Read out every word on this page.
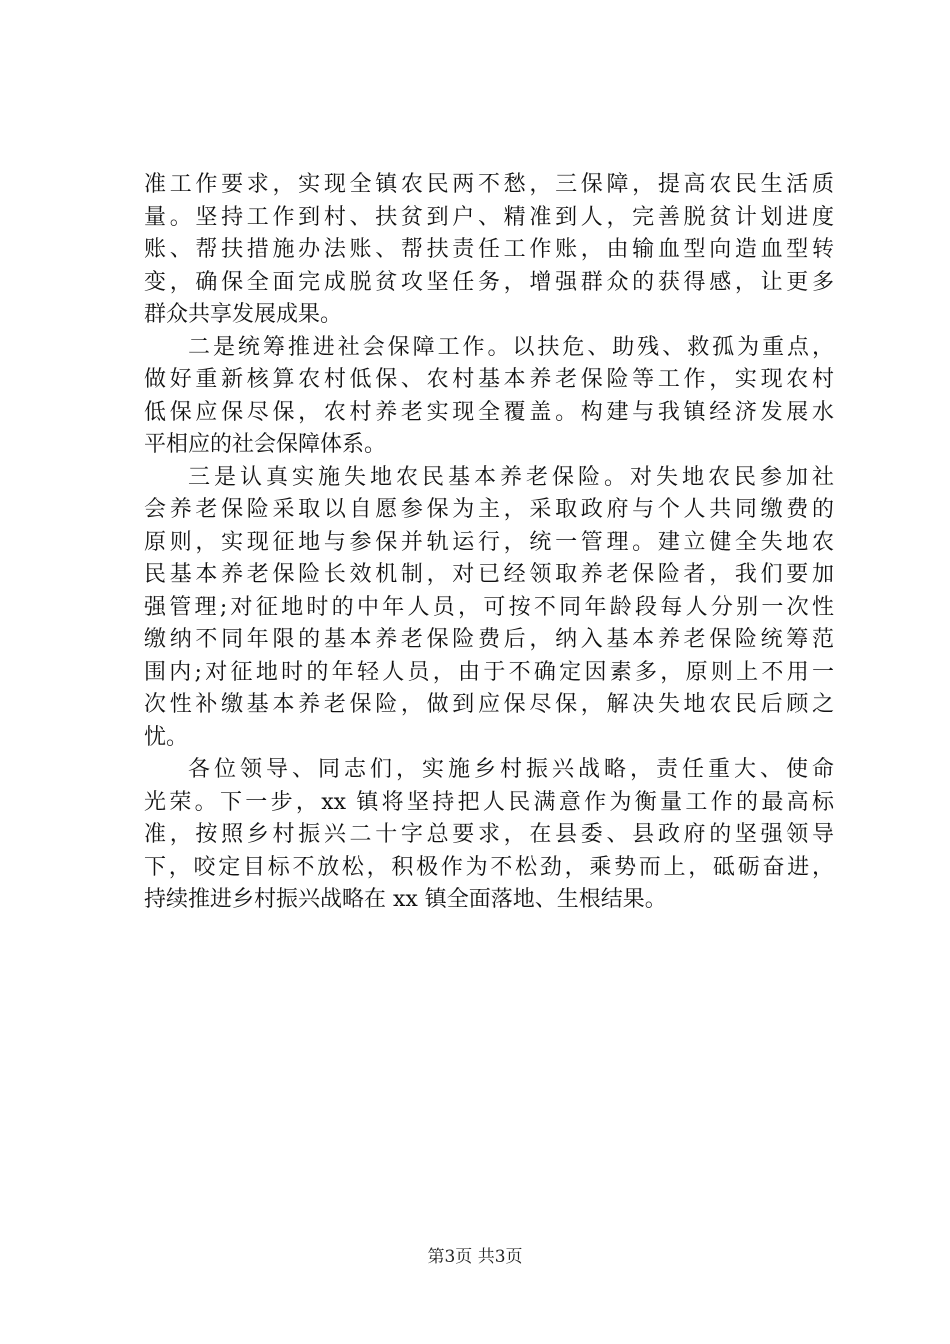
准工作要求，实现全镇农民两不愁，三保障，提高农民生活质
量。坚持工作到村、扶贫到户、精准到人，完善脱贫计划进度
账、帮扶措施办法账、帮扶责任工作账，由输血型向造血型转
变，确保全面完成脱贫攻坚任务，增强群众的获得感，让更多
群众共享发展成果。
二是统筹推进社会保障工作。以扶危、助残、救孤为重点，
做好重新核算农村低保、农村基本养老保险等工作，实现农村
低保应保尽保，农村养老实现全覆盖。构建与我镇经济发展水
平相应的社会保障体系。
三是认真实施失地农民基本养老保险。对失地农民参加社
会养老保险采取以自愿参保为主，采取政府与个人共同缴费的
原则，实现征地与参保并轨运行，统一管理。建立健全失地农
民基本养老保险长效机制，对已经领取养老保险者，我们要加
强管理;对征地时的中年人员，可按不同年龄段每人分别一次性
缴纳不同年限的基本养老保险费后，纳入基本养老保险统筹范
围内;对征地时的年轻人员，由于不确定因素多，原则上不用一
次性补缴基本养老保险，做到应保尽保，解决失地农民后顾之
忧。
各位领导、同志们，实施乡村振兴战略，责任重大、使命
光荣。下一步，xx 镇将坚持把人民满意作为衡量工作的最高标
准，按照乡村振兴二十字总要求，在县委、县政府的坚强领导
下，咬定目标不放松，积极作为不松劲，乘势而上，砥砺奋进，
持续推进乡村振兴战略在 xx 镇全面落地、生根结果。
第3页 共3页
